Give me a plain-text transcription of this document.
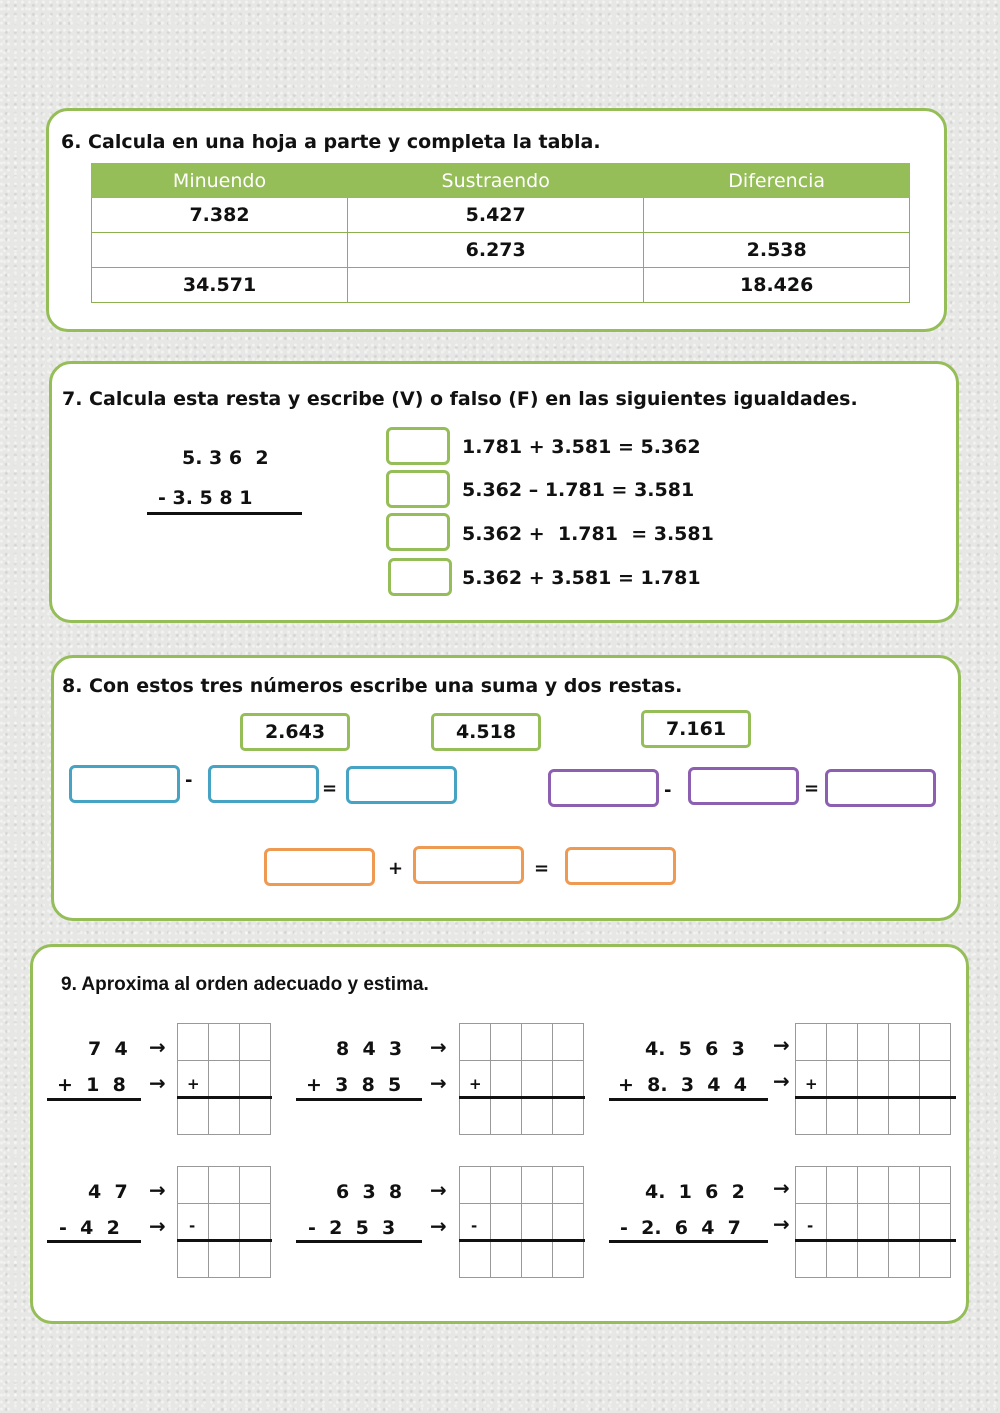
6. Calcula en una hoja a parte y completa la tabla.
Minuendo	Sustraendo	Diferencia
7.382	5.427	
	6.273	2.538
34.571		18.426
7. Calcula esta resta y escribe (V) o falso (F) en las siguientes igualdades.
5. 3 6  2
- 3. 5 8 1
1.781 + 3.581 = 5.362
5.362 – 1.781 = 3.581
5.362 +  1.781  = 3.581
5.362 + 3.581 = 1.781
8. Con estos tres números escribe una suma y dos restas.
2.643	4.518	7.161
-	=	-	=
+	=
9. Aproxima al orden adecuado y estima.
7  4
+  1  8
→
→ +
8  4  3
+  3  8  5
→
→ +
4.  5  6  3
+  8.  3  4  4
→
→ +
4  7
-  4  2
→
→ -
6  3  8
-  2  5  3
→
→ -
4.  1  6  2
-  2.  6  4  7
→
→ -
